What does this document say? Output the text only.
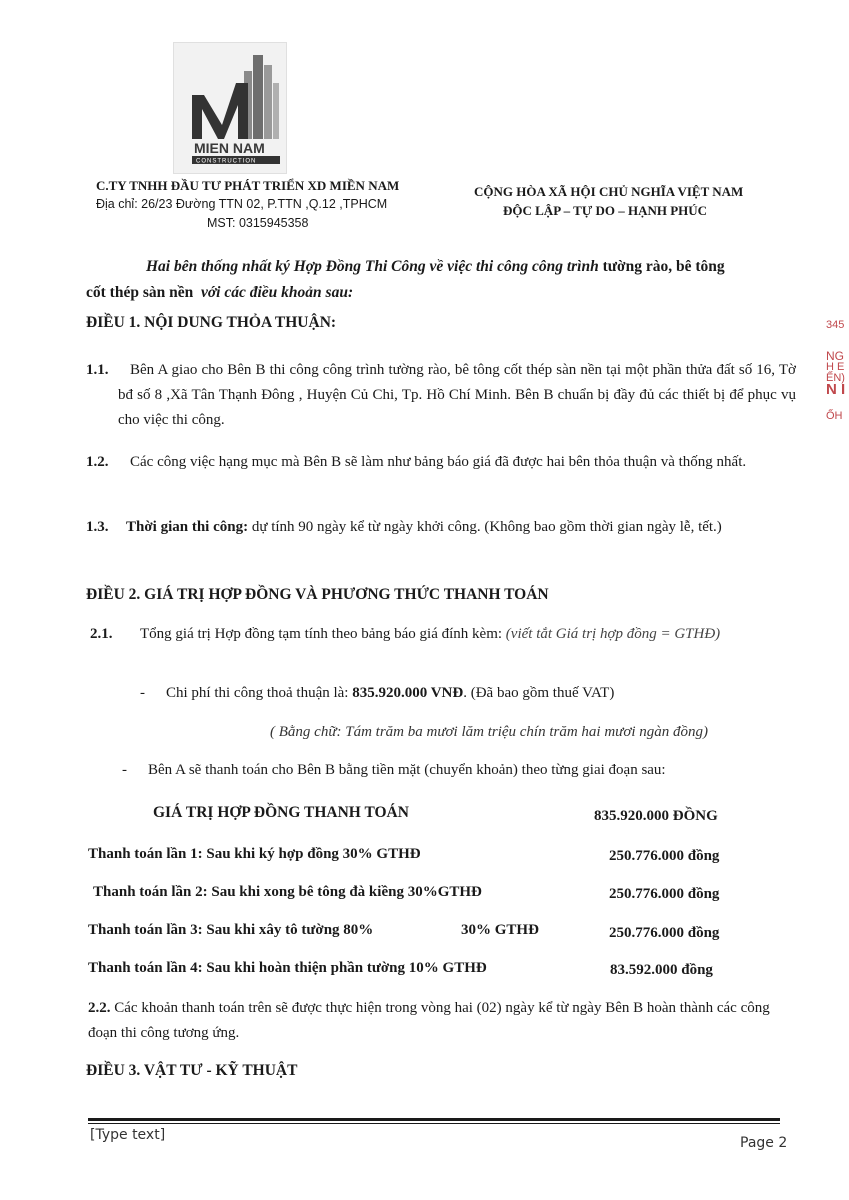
MIEN NAM
CONSTRUCTION
C.TY TNHH ĐẦU TƯ PHÁT TRIỂN XD MIỀN NAM
Địa chỉ: 26/23 Đường TTN 02, P.TTN ,Q.12 ,TPHCM
MST: 0315945358
CỘNG HÒA XÃ HỘI CHỦ NGHĨA VIỆT NAM
ĐỘC LẬP – TỰ DO – HẠNH PHÚC
Hai bên thống nhất ký Hợp Đồng Thi Công về việc thi công công trình tường rào, bê tông
cốt thép sàn nền với các điều khoản sau:
ĐIỀU 1. NỘI DUNG THỎA THUẬN:
1.1.	Bên A giao cho Bên B thi công công trình tường rào, bê tông cốt thép sàn nền tại một phần thửa đất số 16, Tờ bđ số 8 ,Xã Tân Thạnh Đông , Huyện Củ Chi, Tp. Hồ Chí Minh. Bên B chuẩn bị đầy đủ các thiết bị để phục vụ cho việc thi công.
1.2.	Các công việc hạng mục mà Bên B sẽ làm như bảng báo giá đã được hai bên thỏa thuận và thống nhất.
1.3.	Thời gian thi công: dự tính 90 ngày kể từ ngày khởi công. (Không bao gồm thời gian ngày lễ, tết.)
ĐIỀU 2. GIÁ TRỊ HỢP ĐỒNG VÀ PHƯƠNG THỨC THANH TOÁN
2.1. Tổng giá trị Hợp đồng tạm tính theo bảng báo giá đính kèm: (viết tắt Giá trị hợp đồng = GTHĐ)
- Chi phí thi công thoả thuận là: 835.920.000 VNĐ. (Đã bao gồm thuế VAT)
( Bằng chữ: Tám trăm ba mươi lăm triệu chín trăm hai mươi ngàn đồng)
- Bên A sẽ thanh toán cho Bên B bằng tiền mặt (chuyển khoản) theo từng giai đoạn sau:
GIÁ TRỊ HỢP ĐỒNG THANH TOÁN	835.920.000 ĐỒNG
Thanh toán lần 1: Sau khi ký hợp đồng 30% GTHĐ	250.776.000 đồng
Thanh toán lần 2: Sau khi xong bê tông đà kiềng 30%GTHĐ	250.776.000 đồng
Thanh toán lần 3: Sau khi xây tô tường 80%	30% GTHĐ	250.776.000 đồng
Thanh toán lần 4: Sau khi hoàn thiện phần tường 10% GTHĐ	83.592.000 đồng
2.2. Các khoản thanh toán trên sẽ được thực hiện trong vòng hai (02) ngày kể từ ngày Bên B hoàn thành các công đoạn thi công tương ứng.
ĐIỀU 3. VẬT TƯ - KỸ THUẬT
[Type text]	Page 2
345
NG
H E
ẾN)
N I
ỐH
